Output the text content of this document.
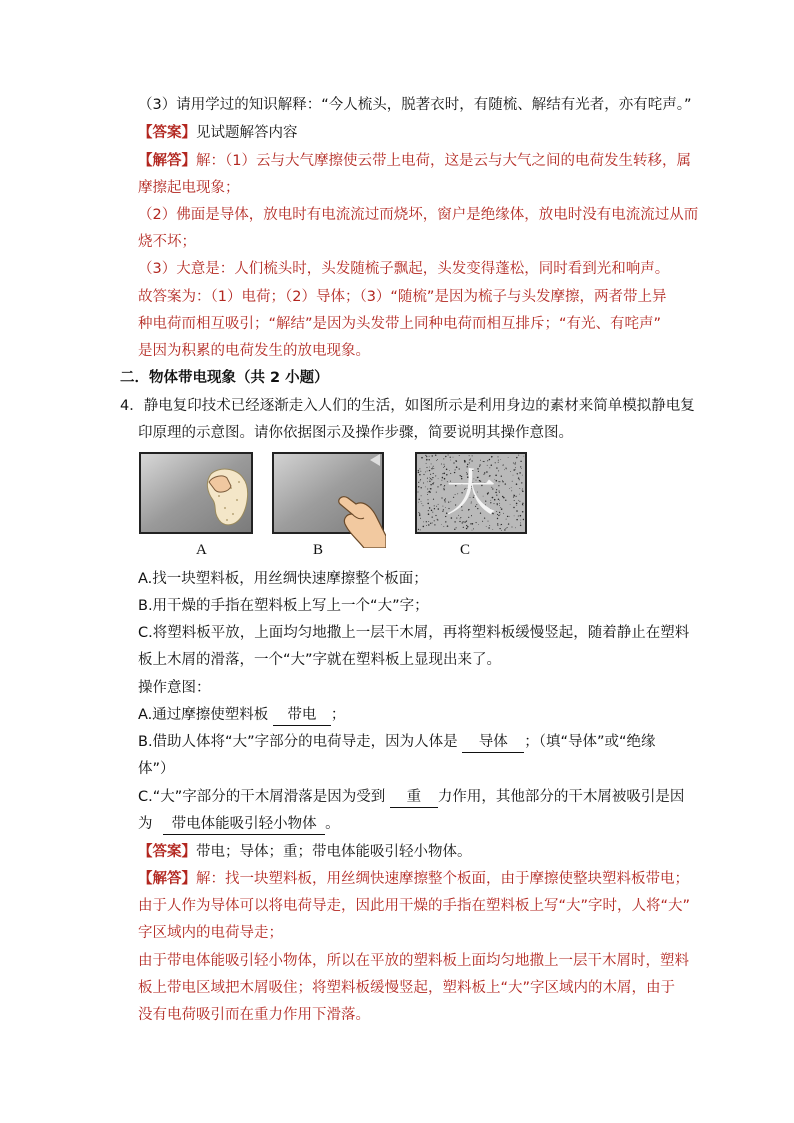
（3）请用学过的知识解释：“今人梳头，脱著衣时，有随梳、解结有光者，亦有咤声。”
【答案】见试题解答内容
【解答】解：（1）云与大气摩擦使云带上电荷，这是云与大气之间的电荷发生转移，属
摩擦起电现象；
（2）佛面是导体，放电时有电流流过而烧坏，窗户是绝缘体，放电时没有电流流过从而
烧不坏；
（3）大意是：人们梳头时，头发随梳子飘起，头发变得蓬松，同时看到光和响声。
故答案为：（1）电荷；（2）导体；（3）“随梳”是因为梳子与头发摩擦，两者带上异
种电荷而相互吸引；“解结”是因为头发带上同种电荷而相互排斥；“有光、有咤声”
是因为积累的电荷发生的放电现象。
二．物体带电现象（共 2 小题）
4．静电复印技术已经逐渐走入人们的生活，如图所示是利用身边的素材来简单模拟静电复
印原理的示意图。请你依据图示及操作步骤，简要说明其操作意图。
大
A	B	C
A.找一块塑料板，用丝绸快速摩擦整个板面；
B.用干燥的手指在塑料板上写上一个“大”字；
C.将塑料板平放，上面均匀地撒上一层干木屑，再将塑料板缓慢竖起，随着静止在塑料
板上木屑的滑落，一个“大”字就在塑料板上显现出来了。
操作意图：
A.通过摩擦使塑料板 带电 ；
B.借助人体将“大”字部分的电荷导走，因为人体是 导体 ；（填“导体”或“绝缘
体”）
C.“大”字部分的干木屑滑落是因为受到 重 力作用，其他部分的干木屑被吸引是因
为 带电体能吸引轻小物体 。
【答案】带电；导体；重；带电体能吸引轻小物体。
【解答】解：找一块塑料板，用丝绸快速摩擦整个板面，由于摩擦使整块塑料板带电；
由于人作为导体可以将电荷导走，因此用干燥的手指在塑料板上写“大”字时，人将“大”
字区域内的电荷导走；
由于带电体能吸引轻小物体，所以在平放的塑料板上面均匀地撒上一层干木屑时，塑料
板上带电区域把木屑吸住；将塑料板缓慢竖起，塑料板上“大”字区域内的木屑，由于
没有电荷吸引而在重力作用下滑落。
